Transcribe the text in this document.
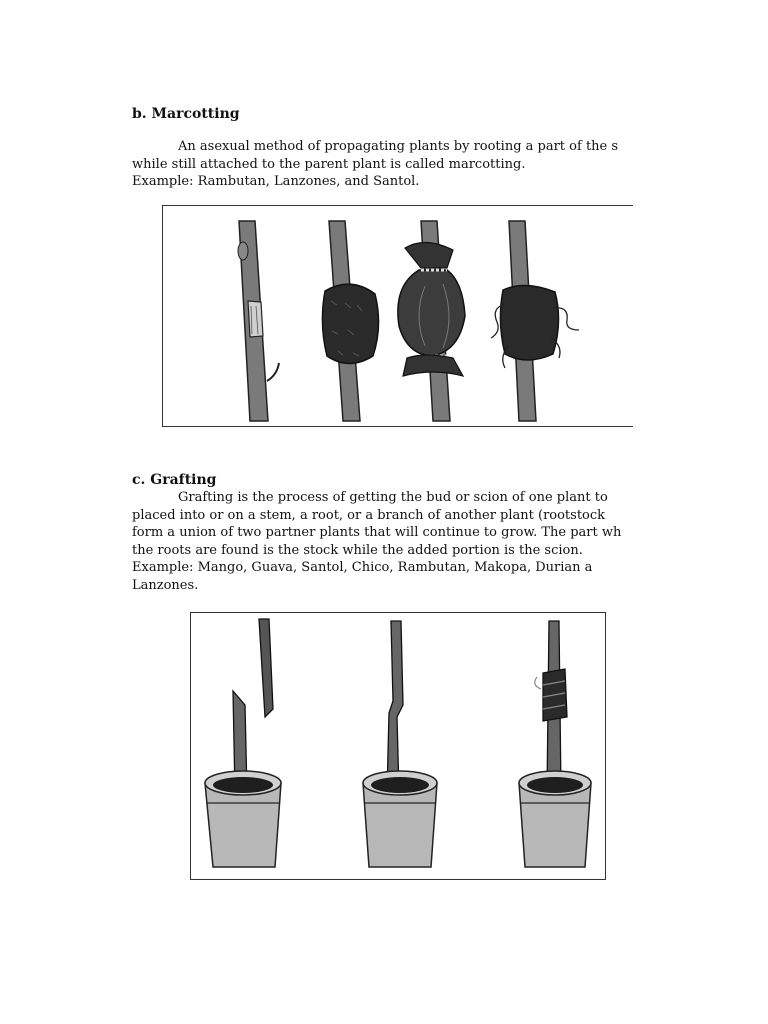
b. Marcotting
An asexual method of propagating plants by rooting a part of the s
while still attached to the parent plant is called marcotting.
Example: Rambutan, Lanzones, and Santol.
c. Grafting
Grafting is the process of getting the bud or scion of one plant to
placed into or on a stem, a root, or a branch of another plant (rootstock
form a union of two partner plants that will continue to grow. The part wh
the roots are found is the stock while the added portion is the scion.
Example: Mango, Guava, Santol, Chico, Rambutan, Makopa, Durian a
Lanzones.
